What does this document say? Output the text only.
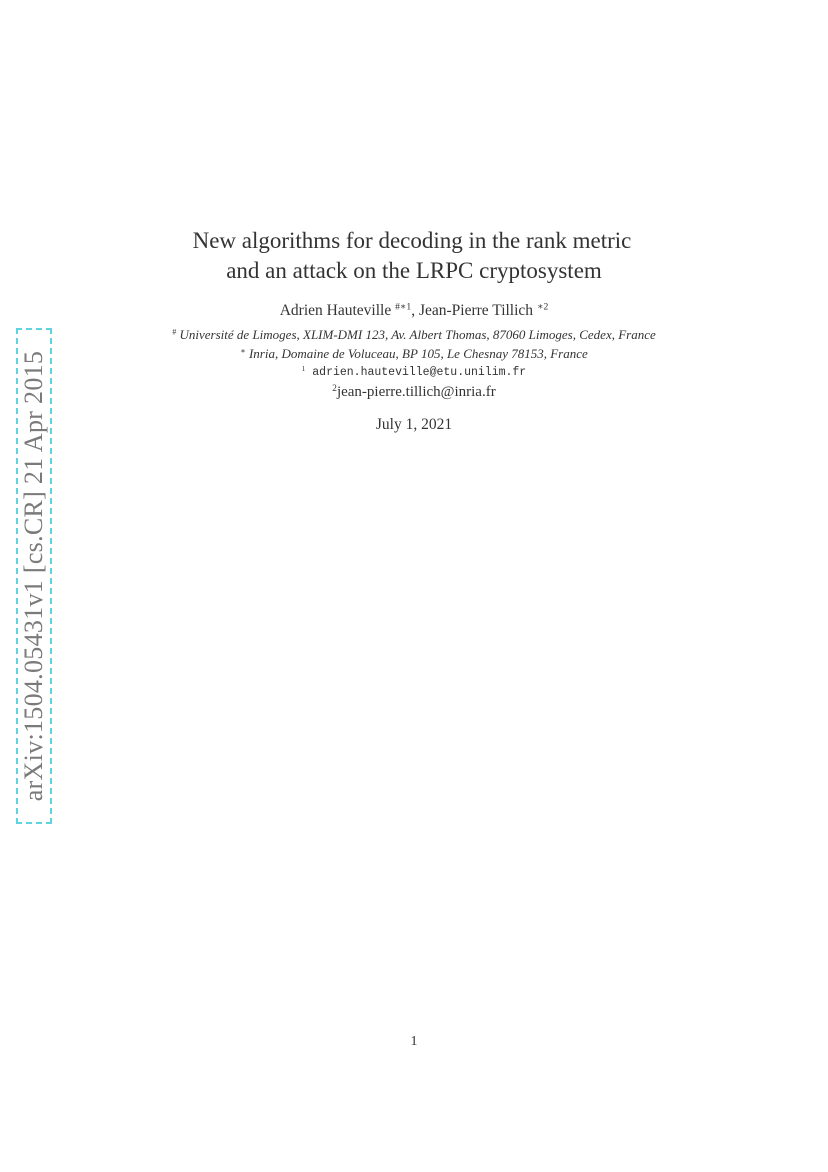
arXiv:1504.05431v1 [cs.CR] 21 Apr 2015
New algorithms for decoding in the rank metric
and an attack on the LRPC cryptosystem
Adrien Hauteville $^{\#∗1}$, Jean-Pierre Tillich $^{∗2}$
# Université de Limoges, XLIM-DMI 123, Av. Albert Thomas, 87060 Limoges, Cedex, France
∗ Inria, Domaine de Voluceau, BP 105, Le Chesnay 78153, France
$^1$ adrien.hauteville@etu.unilim.fr
$^2$jean-pierre.tillich@inria.fr
July 1, 2021
1
